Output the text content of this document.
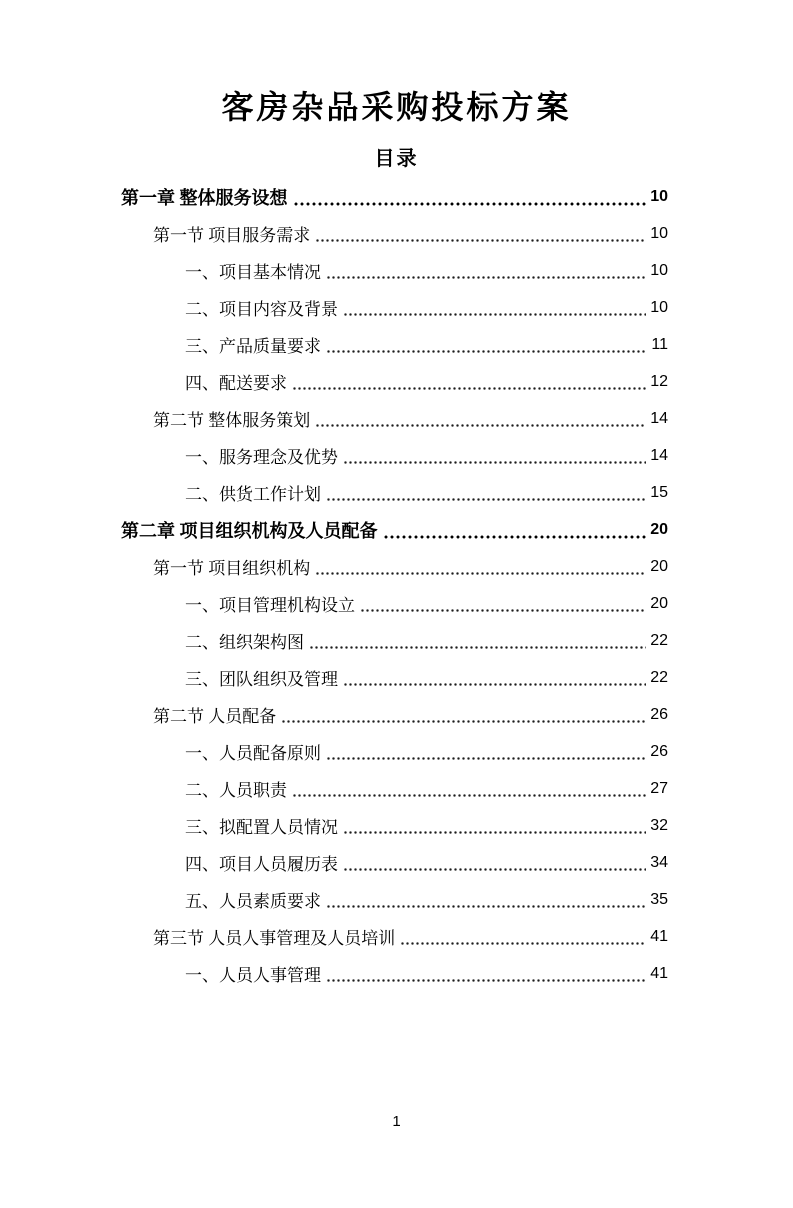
客房杂品采购投标方案
目录
第一章 整体服务设想	10
第一节 项目服务需求	10
一、项目基本情况	10
二、项目内容及背景	10
三、产品质量要求	11
四、配送要求	12
第二节 整体服务策划	14
一、服务理念及优势	14
二、供货工作计划	15
第二章 项目组织机构及人员配备	20
第一节 项目组织机构	20
一、项目管理机构设立	20
二、组织架构图	22
三、团队组织及管理	22
第二节 人员配备	26
一、人员配备原则	26
二、人员职责	27
三、拟配置人员情况	32
四、项目人员履历表	34
五、人员素质要求	35
第三节 人员人事管理及人员培训	41
一、人员人事管理	41
1
